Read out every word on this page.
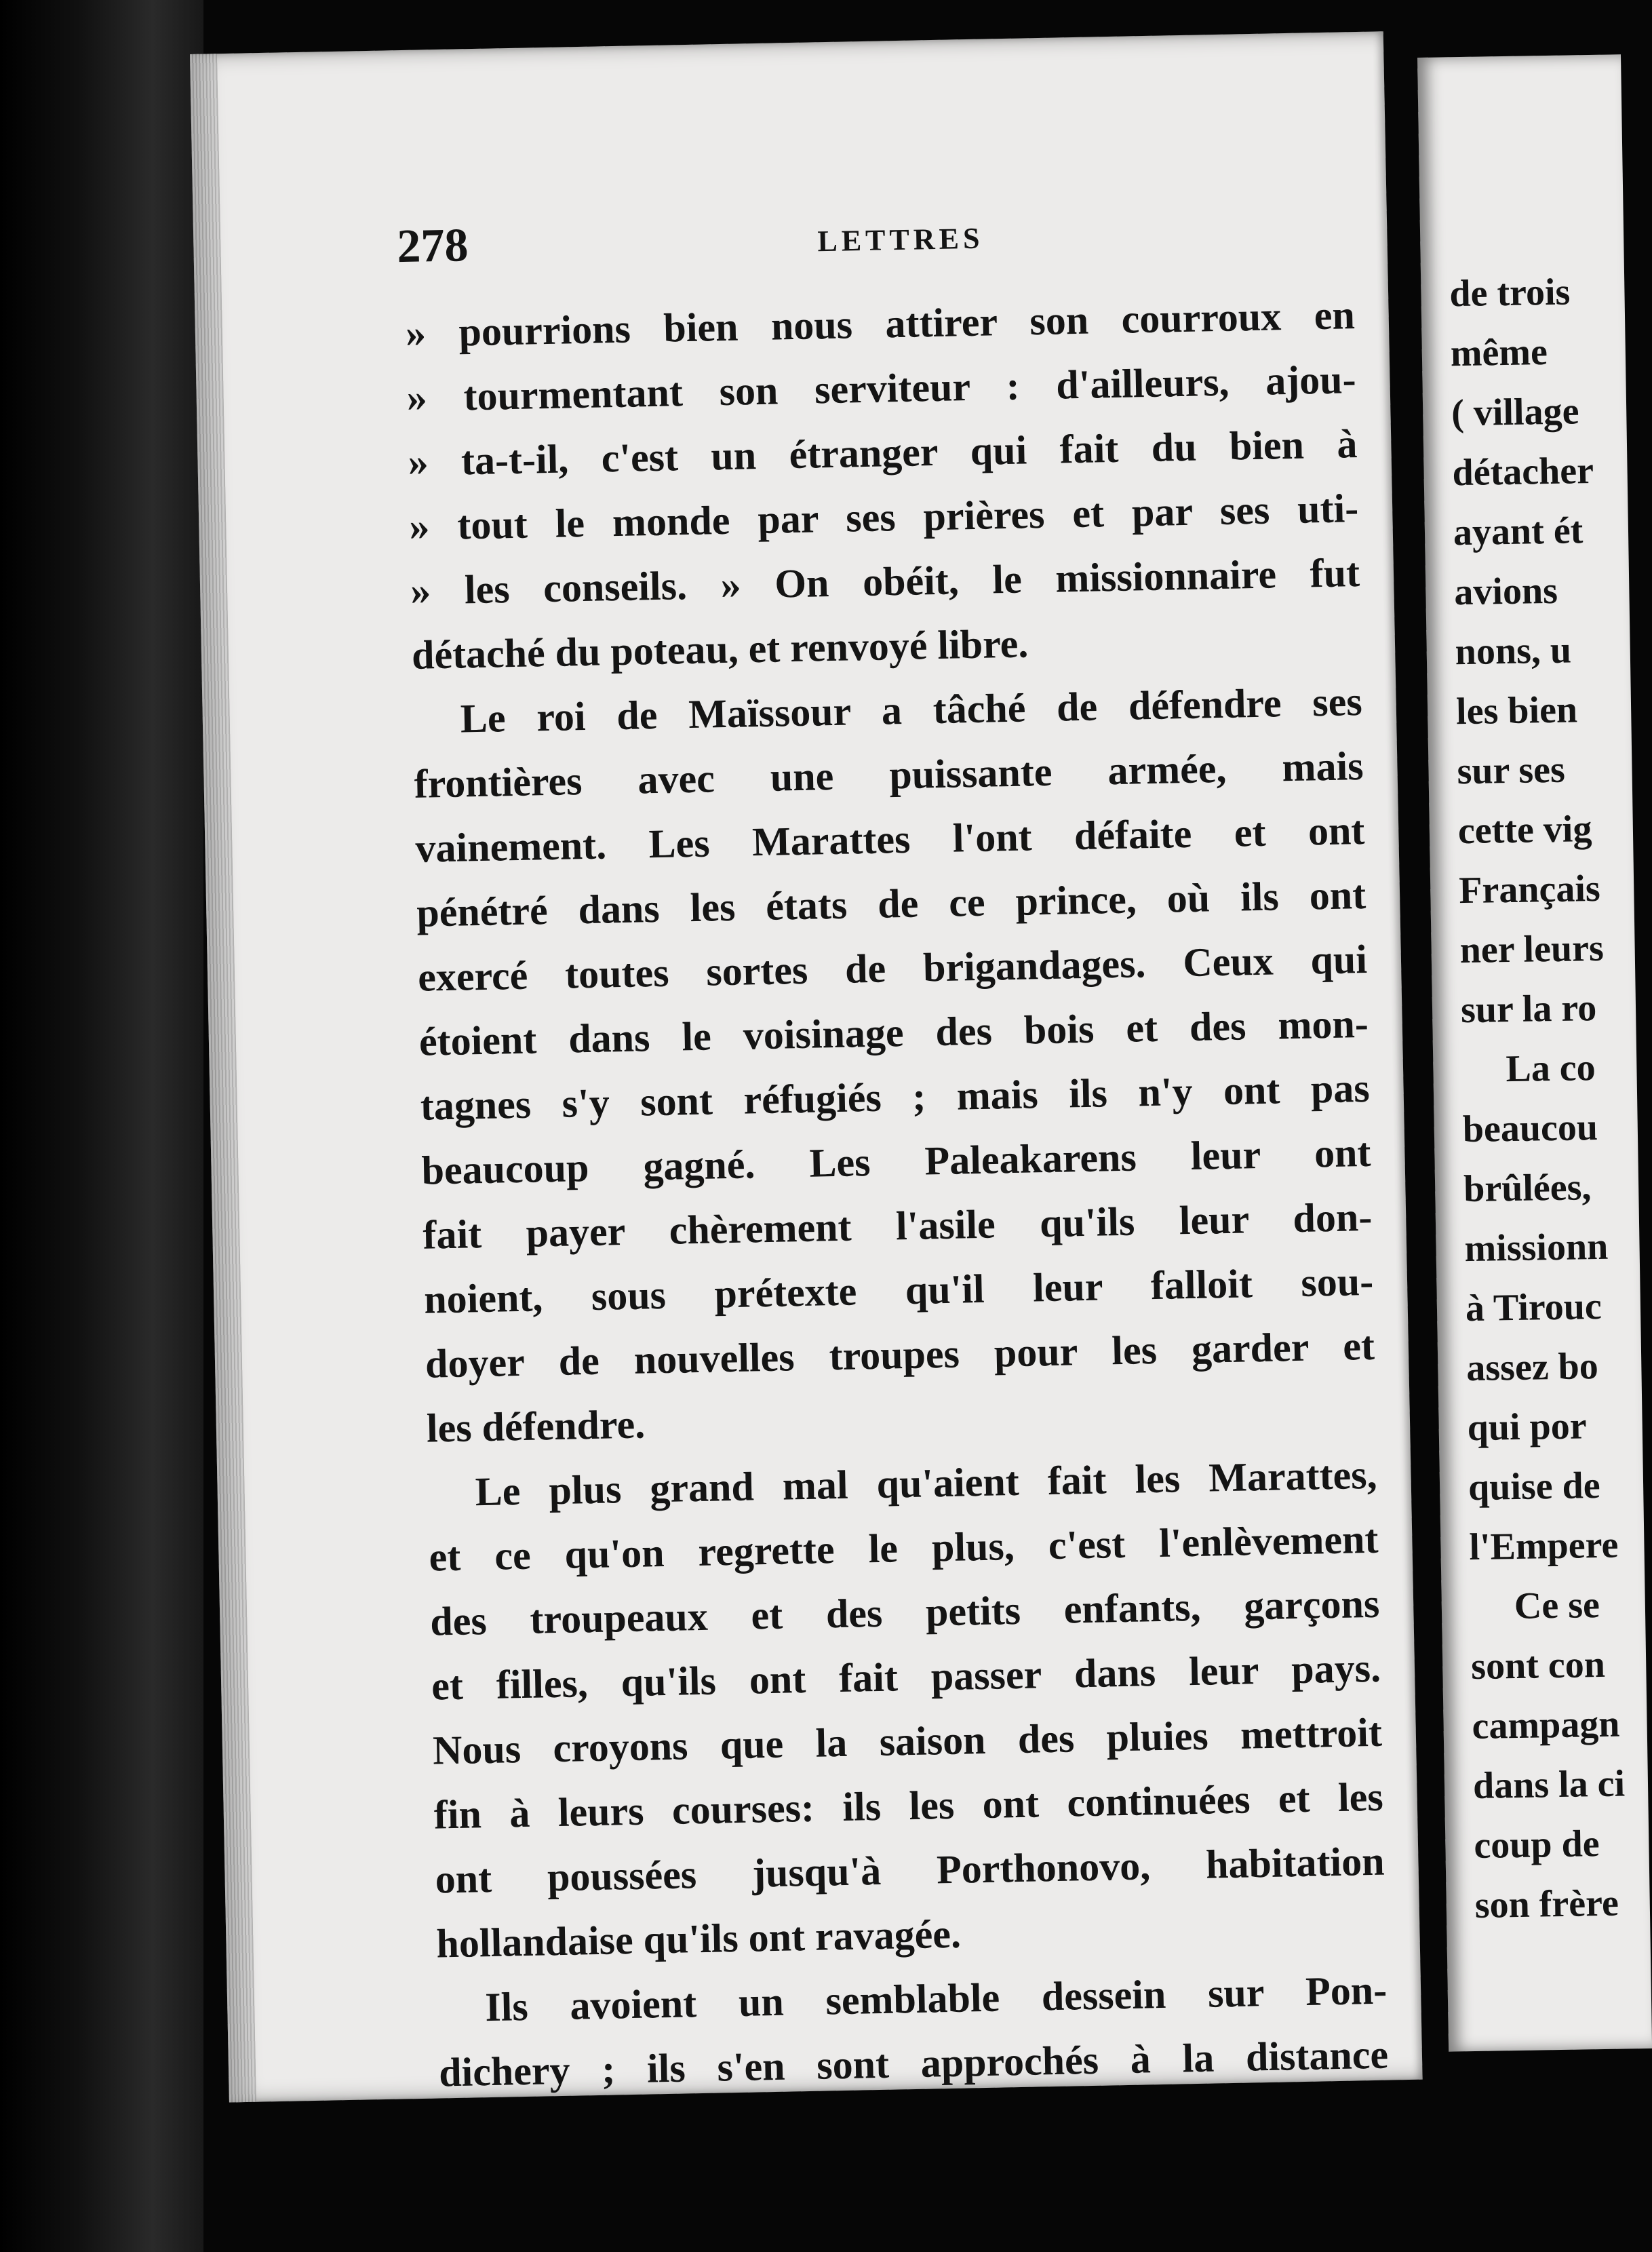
278	LETTRES
» pourrions bien nous attirer son courroux en
» tourmentant son serviteur : d'ailleurs, ajou-
» ta-t-il, c'est un étranger qui fait du bien à
» tout le monde par ses prières et par ses uti-
» les conseils. » On obéit, le missionnaire fut
détaché du poteau, et renvoyé libre.
Le roi de Maïssour a tâché de défendre ses
frontières avec une puissante armée, mais
vainement. Les Marattes l'ont défaite et ont
pénétré dans les états de ce prince, où ils ont
exercé toutes sortes de brigandages. Ceux qui
étoient dans le voisinage des bois et des mon-
tagnes s'y sont réfugiés ; mais ils n'y ont pas
beaucoup gagné. Les Paleakarens leur ont
fait payer chèrement l'asile qu'ils leur don-
noient, sous prétexte qu'il leur falloit sou-
doyer de nouvelles troupes pour les garder et
les défendre.
Le plus grand mal qu'aient fait les Marattes,
et ce qu'on regrette le plus, c'est l'enlèvement
des troupeaux et des petits enfants, garçons
et filles, qu'ils ont fait passer dans leur pays.
Nous croyons que la saison des pluies mettroit
fin à leurs courses: ils les ont continuées et les
ont poussées jusqu'à Porthonovo, habitation
hollandaise qu'ils ont ravagée.
Ils avoient un semblable dessein sur Pon-
dichery ; ils s'en sont approchés à la distance
de trois
même
( village
détacher
ayant ét
avions
nons, u
les bien
sur ses
cette vig
Français
ner leurs
sur la ro
La co
beaucou
brûlées,
missionn
à Tirouc
assez bo
qui por
quise de
l'Empere
Ce se
sont con
campagn
dans la ci
coup de
son frère
